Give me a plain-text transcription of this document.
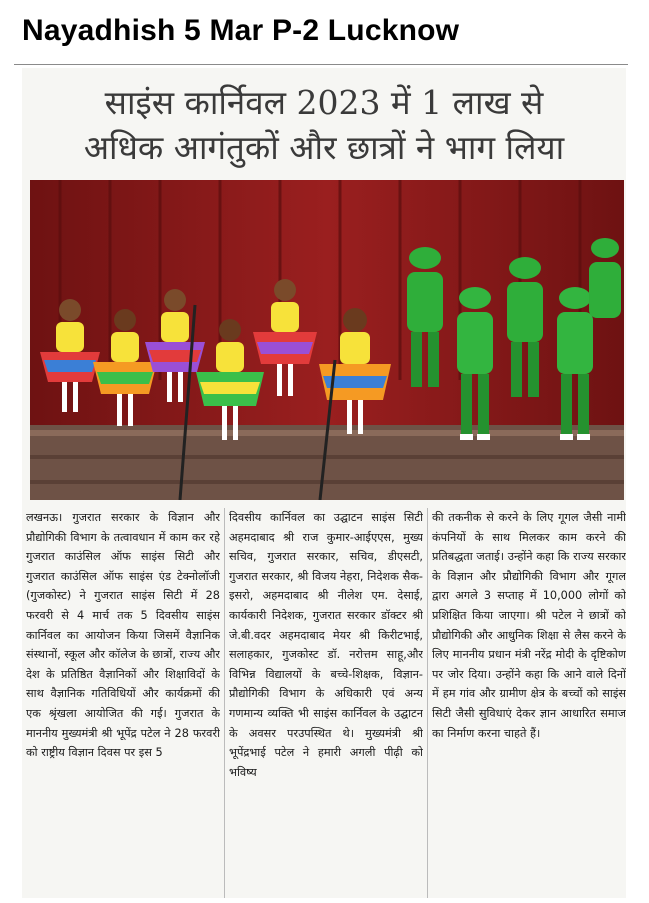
Nayadhish 5 Mar P-2 Lucknow
साइंस कार्निवल 2023 में 1 लाख से
अधिक आगंतुकों और छात्रों ने भाग लिया

लखनऊ। गुजरात सरकार के विज्ञान और प्रौद्योगिकी विभाग के तत्वावधान में काम कर रहे गुजरात काउंसिल ऑफ साइंस सिटी और गुजरात काउंसिल ऑफ साइंस एंड टेक्नोलॉजी (गुजकोस्ट) ने गुजरात साइंस सिटी में 28 फरवरी से 4 मार्च तक 5 दिवसीय साइंस कार्निवल का आयोजन किया जिसमें वैज्ञानिक संस्थानों, स्कूल और कॉलेज के छात्रों, राज्य और देश के प्रतिष्ठित वैज्ञानिकों और शिक्षाविदों के साथ वैज्ञानिक गतिविधियों और कार्यक्रमों की एक श्रृंखला आयोजित की गई। गुजरात के माननीय मुख्यमंत्री श्री भूपेंद्र पटेल ने 28 फरवरी को राष्ट्रीय विज्ञान दिवस पर इस 5

दिवसीय कार्निवल का उद्घाटन साइंस सिटी अहमदाबाद श्री राज कुमार-आईएएस, मुख्य सचिव, गुजरात सरकार, सचिव, डीएसटी, गुजरात सरकार, श्री विजय नेहरा, निदेशक सैक-इसरो, अहमदाबाद श्री नीलेश एम. देसाई, कार्यकारी निदेशक, गुजरात सरकार डॉक्टर श्री जे.बी.वदर अहमदाबाद मेयर श्री किरीटभाई, सलाहकार, गुजकोस्ट डॉ. नरोत्तम साहू,और विभिन्न विद्यालयों के बच्चे-शिक्षक, विज्ञान-प्रौद्योगिकी विभाग के अधिकारी एवं अन्य गणमान्य व्यक्ति भी साइंस कार्निवल के उद्घाटन के अवसर परउपस्थित थे। मुख्यमंत्री श्री भूपेंद्रभाई पटेल ने हमारी अगली पीढ़ी को भविष्य

की तकनीक से करने के लिए गूगल जैसी नामी कंपनियों के साथ मिलकर काम करने की प्रतिबद्धता जताई। उन्होंने कहा कि राज्य सरकार के विज्ञान और प्रौद्योगिकी विभाग और गूगल द्वारा अगले 3 सप्ताह में 10,000 लोगों को प्रशिक्षित किया जाएगा। श्री पटेल ने छात्रों को प्रौद्योगिकी और आधुनिक शिक्षा से लैस करने के लिए माननीय प्रधान मंत्री नरेंद्र मोदी के दृष्टिकोण पर जोर दिया। उन्होंने कहा कि आने वाले दिनों में हम गांव और ग्रामीण क्षेत्र के बच्चों को साइंस सिटी जैसी सुविधाएं देकर ज्ञान आधारित समाज का निर्माण करना चाहते हैं।
